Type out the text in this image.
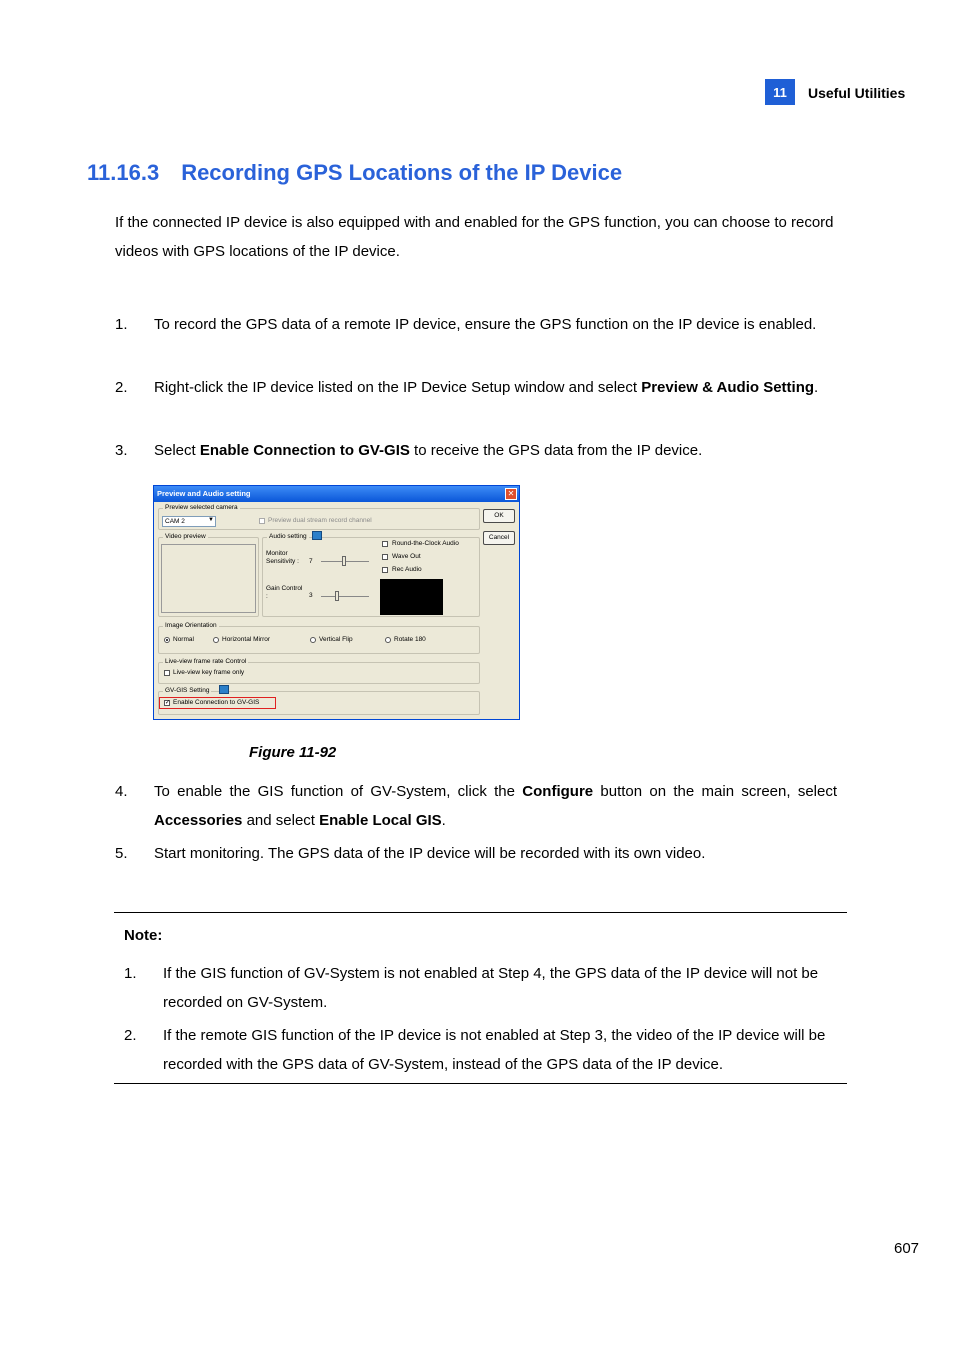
11	Useful Utilities
11.16.3 Recording GPS Locations of the IP Device
If the connected IP device is also equipped with and enabled for the GPS function, you can choose to record videos with GPS locations of the IP device.
1. To record the GPS data of a remote IP device, ensure the GPS function on the IP device is enabled.
2. Right-click the IP device listed on the IP Device Setup window and select Preview & Audio Setting.
3. Select Enable Connection to GV-GIS to receive the GPS data from the IP device.
Preview and Audio setting	✕
OK
Cancel
Preview selected camera
CAM 2	▼	Preview dual stream record channel
Video preview	Audio setting
Monitor Sensitivity :	7
Gain Control :	3
Round-the-Clock Audio
Wave Out
Rec Audio
Image Orientation
Normal	Horizontal Mirror	Vertical Flip	Rotate 180
Live-view frame rate Control
Live-view key frame only
GV-GIS Setting
✓ Enable Connection to GV-GIS
Figure 11-92
4. To enable the GIS function of GV-System, click the Configure button on the main screen, select Accessories and select Enable Local GIS.
5. Start monitoring. The GPS data of the IP device will be recorded with its own video.
Note:
1. If the GIS function of GV-System is not enabled at Step 4, the GPS data of the IP device will not be recorded on GV-System.
2. If the remote GIS function of the IP device is not enabled at Step 3, the video of the IP device will be recorded with the GPS data of GV-System, instead of the GPS data of the IP device.
607
